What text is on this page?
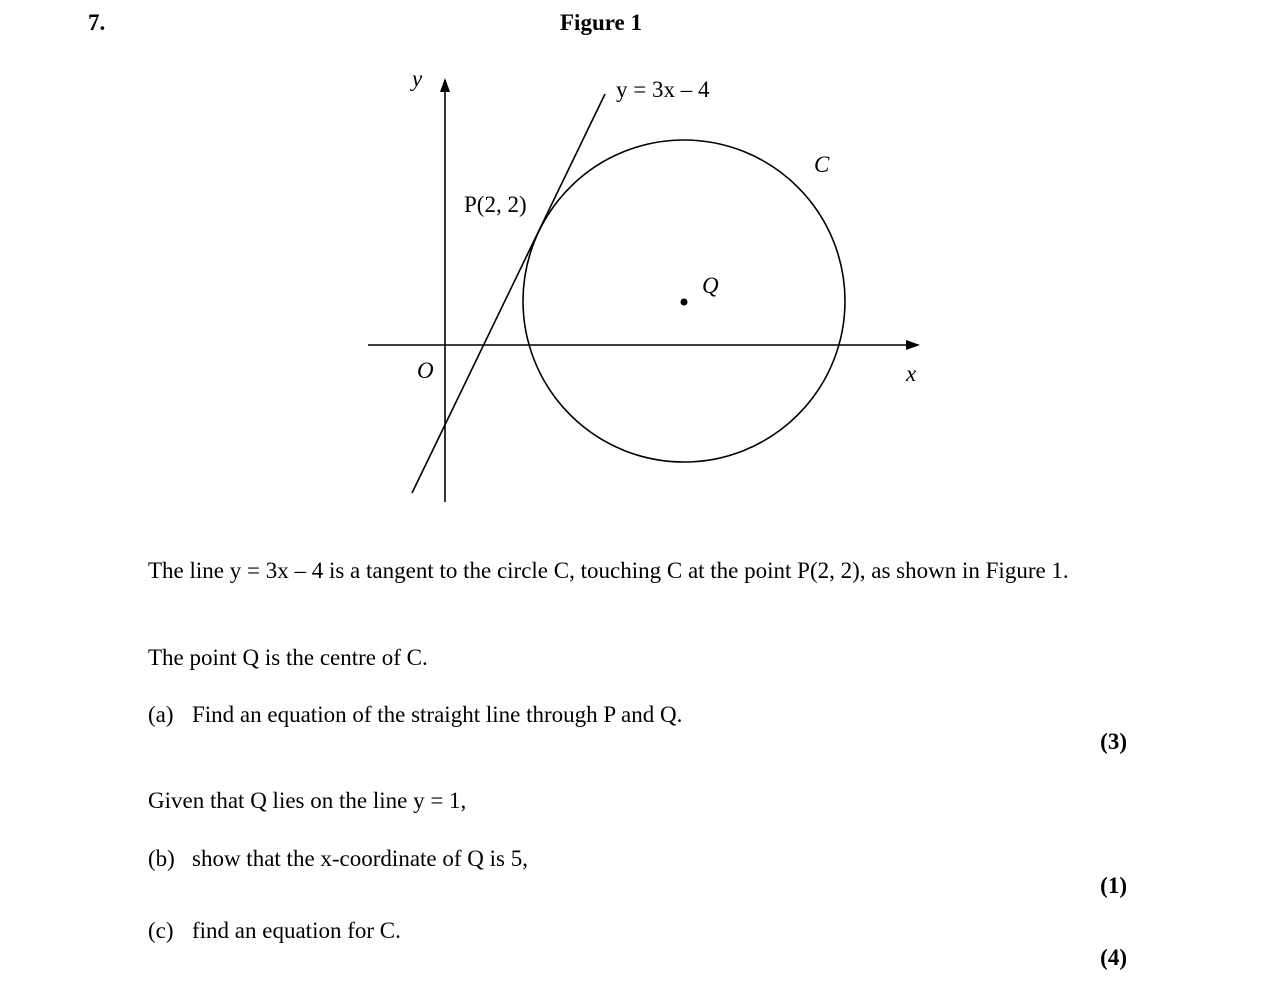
7.	Figure 1
y
x
O
y = 3x – 4
C
P(2, 2)
Q
The line y = 3x – 4 is a tangent to the circle C, touching C at the point P(2, 2), as shown in Figure 1.
The point Q is the centre of C.
(a) Find an equation of the straight line through P and Q.
(3)
Given that Q lies on the line y = 1,
(b) show that the x-coordinate of Q is 5,
(1)
(c) find an equation for C.
(4)
